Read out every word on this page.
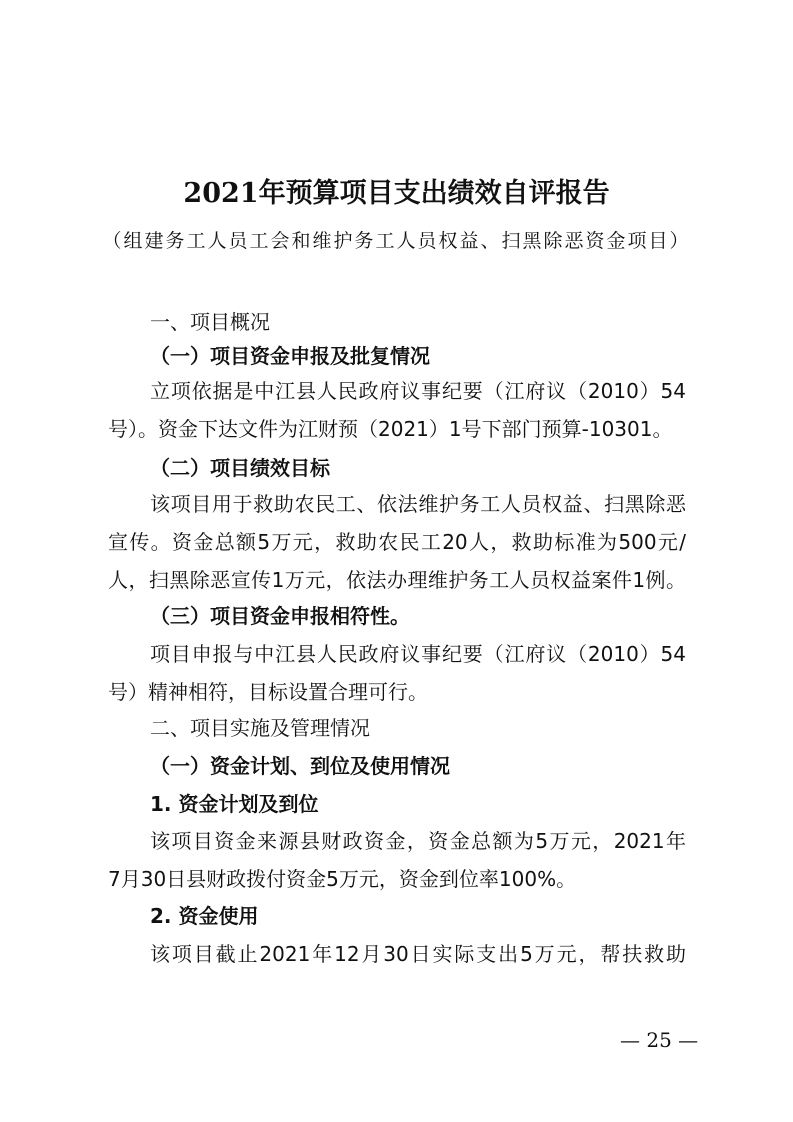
2021年预算项目支出绩效自评报告
（组建务工人员工会和维护务工人员权益、扫黑除恶资金项目）
一、项目概况
（一）项目资金申报及批复情况
立项依据是中江县人民政府议事纪要（江府议（2010）54
号）。资金下达文件为江财预（2021）1号下部门预算-10301。
（二）项目绩效目标
该项目用于救助农民工、依法维护务工人员权益、扫黑除恶
宣传。资金总额5万元，救助农民工20人，救助标准为500元/
人，扫黑除恶宣传1万元，依法办理维护务工人员权益案件1例。
（三）项目资金申报相符性。
项目申报与中江县人民政府议事纪要（江府议（2010）54
号）精神相符，目标设置合理可行。
二、项目实施及管理情况
（一）资金计划、到位及使用情况
1. 资金计划及到位
该项目资金来源县财政资金，资金总额为5万元，2021年
7月30日县财政拨付资金5万元，资金到位率100%。
2. 资金使用
该项目截止2021年12月30日实际支出5万元，帮扶救助
— 25 —
